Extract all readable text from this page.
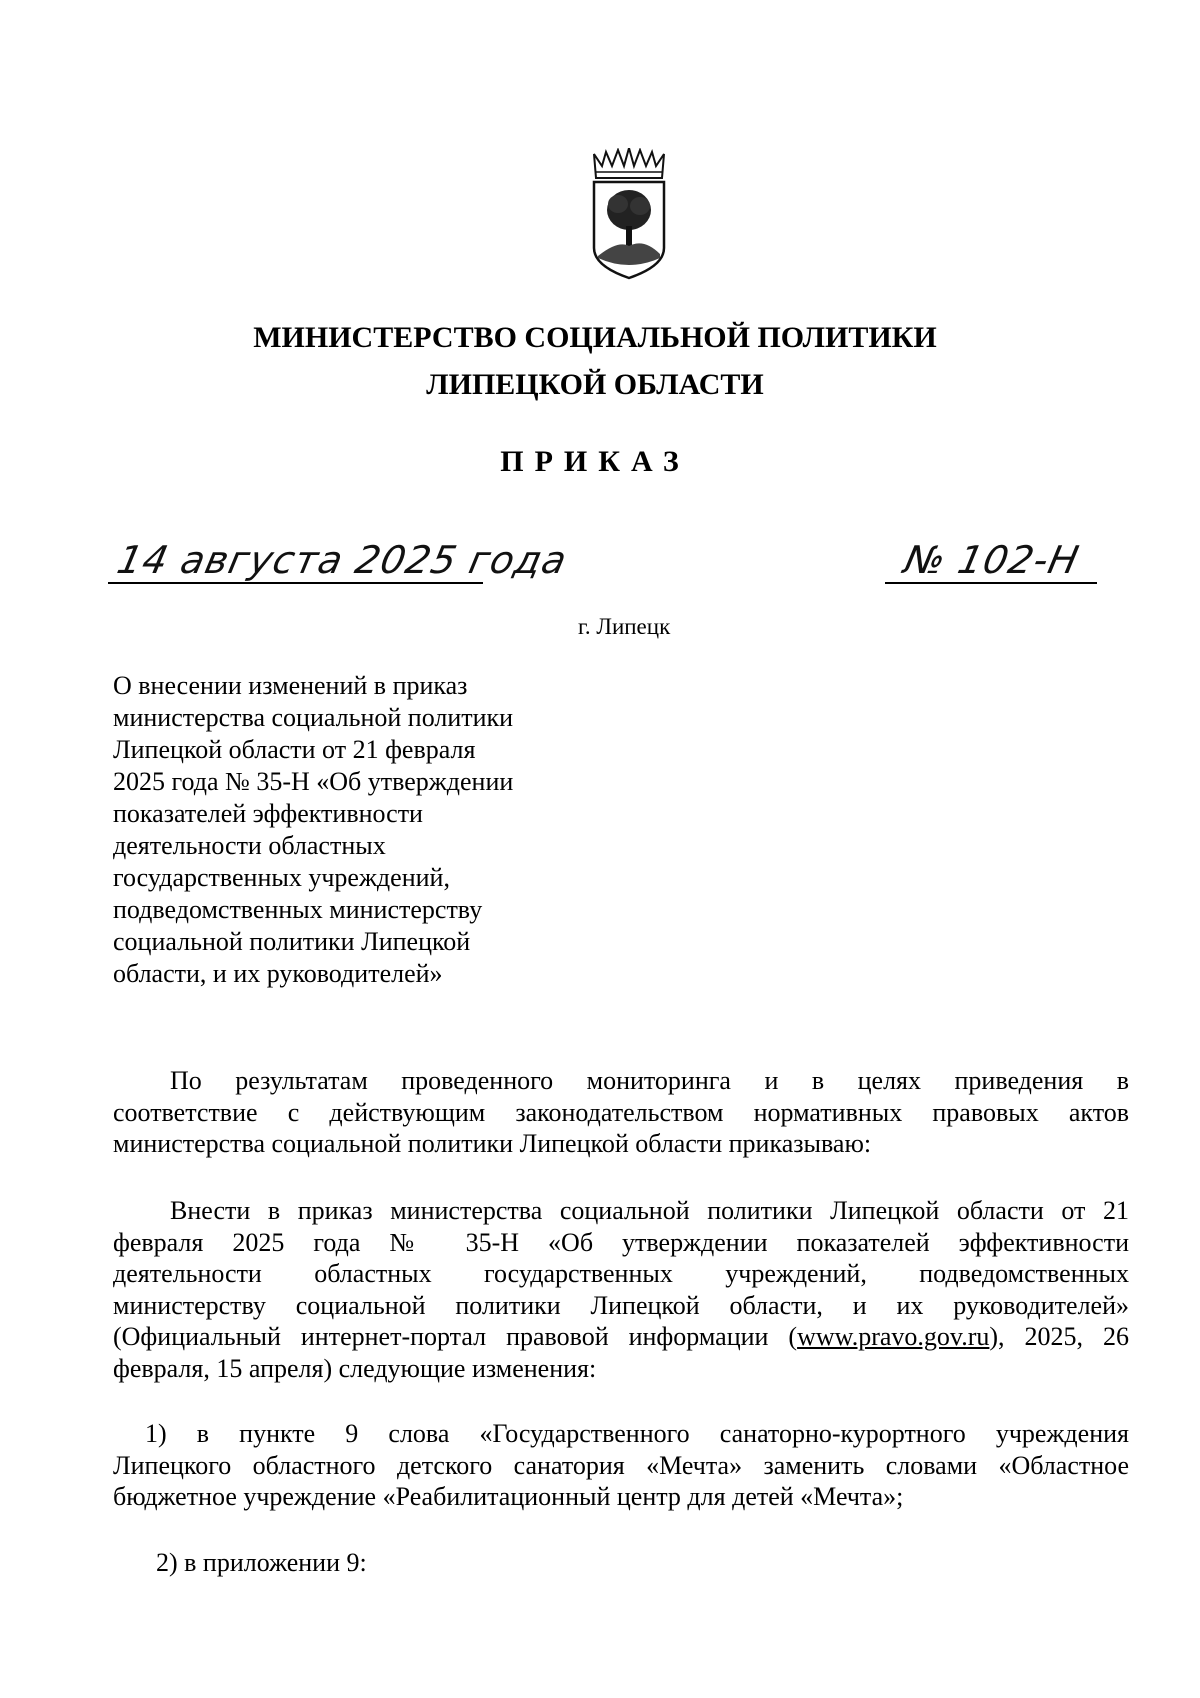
МИНИСТЕРСТВО СОЦИАЛЬНОЙ ПОЛИТИКИ
ЛИПЕЦКОЙ ОБЛАСТИ
ПРИКАЗ
14 августа 2025 года	№ 102-Н
г. Липецк
О внесении изменений в приказ
министерства социальной политики
Липецкой области от 21 февраля
2025 года № 35-Н «Об утверждении
показателей эффективности
деятельности областных
государственных учреждений,
подведомственных министерству
социальной политики Липецкой
области, и их руководителей»
По результатам проведенного мониторинга и в целях приведения в
соответствие с действующим законодательством нормативных правовых актов
министерства социальной политики Липецкой области приказываю:
Внести в приказ министерства социальной политики Липецкой области от 21
февраля 2025 года № 35-Н «Об утверждении показателей эффективности
деятельности областных государственных учреждений, подведомственных
министерству социальной политики Липецкой области, и их руководителей»
(Официальный интернет-портал правовой информации (www.pravo.gov.ru), 2025, 26
февраля, 15 апреля) следующие изменения:
1) в пункте 9 слова «Государственного санаторно-курортного учреждения
Липецкого областного детского санатория «Мечта» заменить словами «Областное
бюджетное учреждение «Реабилитационный центр для детей «Мечта»;
2) в приложении 9:
